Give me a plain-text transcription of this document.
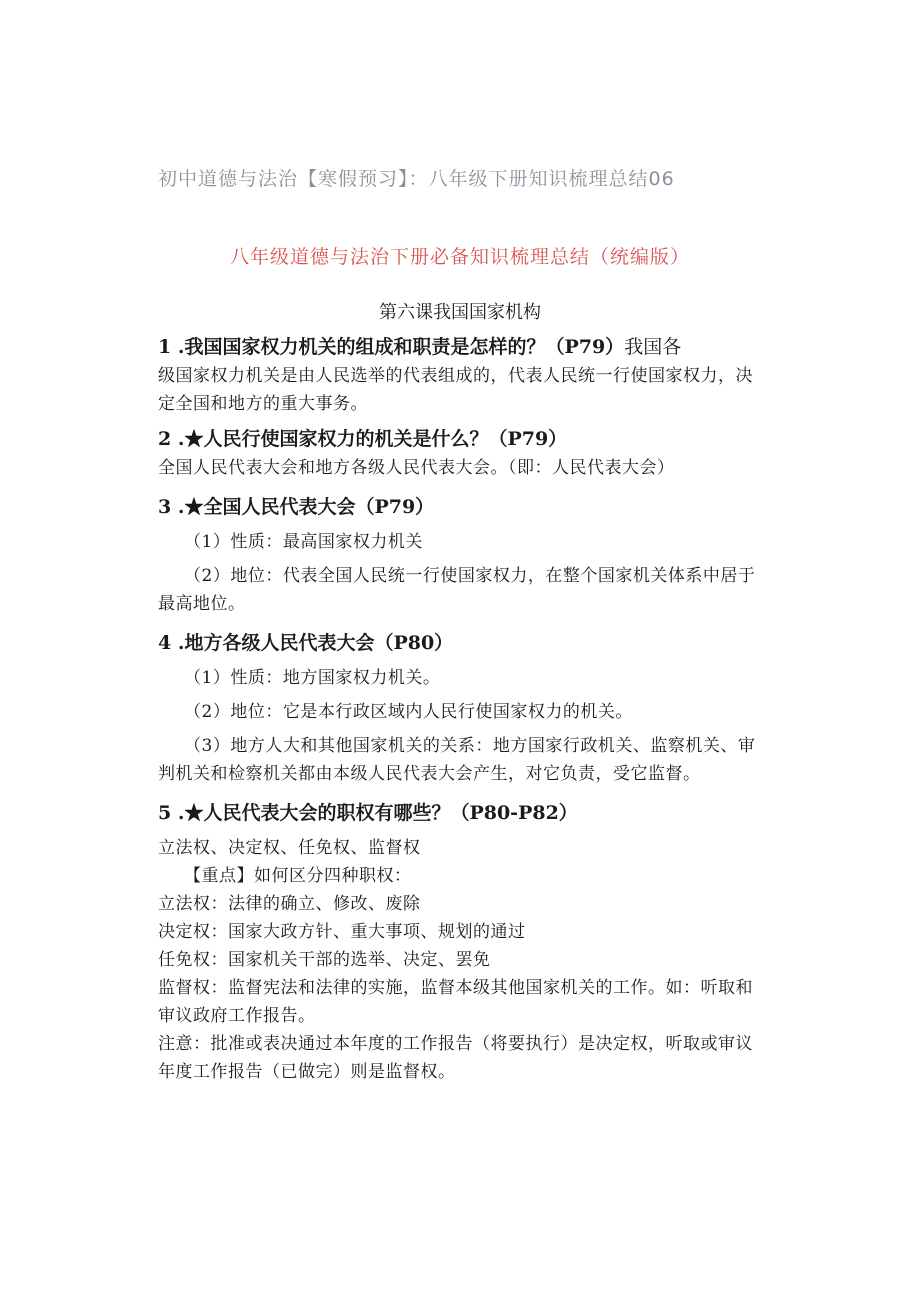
初中道德与法治【寒假预习】：八年级下册知识梳理总结06
八年级道德与法治下册必备知识梳理总结（统编版）
第六课我国国家机构

1 .我国国家权力机关的组成和职责是怎样的？（P79）我国各

级国家权力机关是由人民选举的代表组成的，代表人民统一行使国家权力，决定全国和地方的重大事务。

2 .★人民行使国家权力的机关是什么？（P79）

全国人民代表大会和地方各级人民代表大会。（即：人民代表大会）

3 .★全国人民代表大会（P79）

（1）性质：最高国家权力机关

（2）地位：代表全国人民统一行使国家权力，在整个国家机关体系中居于最高地位。

4 .地方各级人民代表大会（P80）

（1）性质：地方国家权力机关。

（2）地位：它是本行政区域内人民行使国家权力的机关。

（3）地方人大和其他国家机关的关系：地方国家行政机关、监察机关、审判机关和检察机关都由本级人民代表大会产生，对它负责，受它监督。

5 .★人民代表大会的职权有哪些？（P80-P82）

立法权、决定权、任免权、监督权

【重点】如何区分四种职权：

立法权：法律的确立、修改、废除

决定权：国家大政方针、重大事项、规划的通过

任免权：国家机关干部的选举、决定、罢免

监督权：监督宪法和法律的实施，监督本级其他国家机关的工作。如：听取和审议政府工作报告。

注意：批准或表决通过本年度的工作报告（将要执行）是决定权，听取或审议年度工作报告（已做完）则是监督权。
